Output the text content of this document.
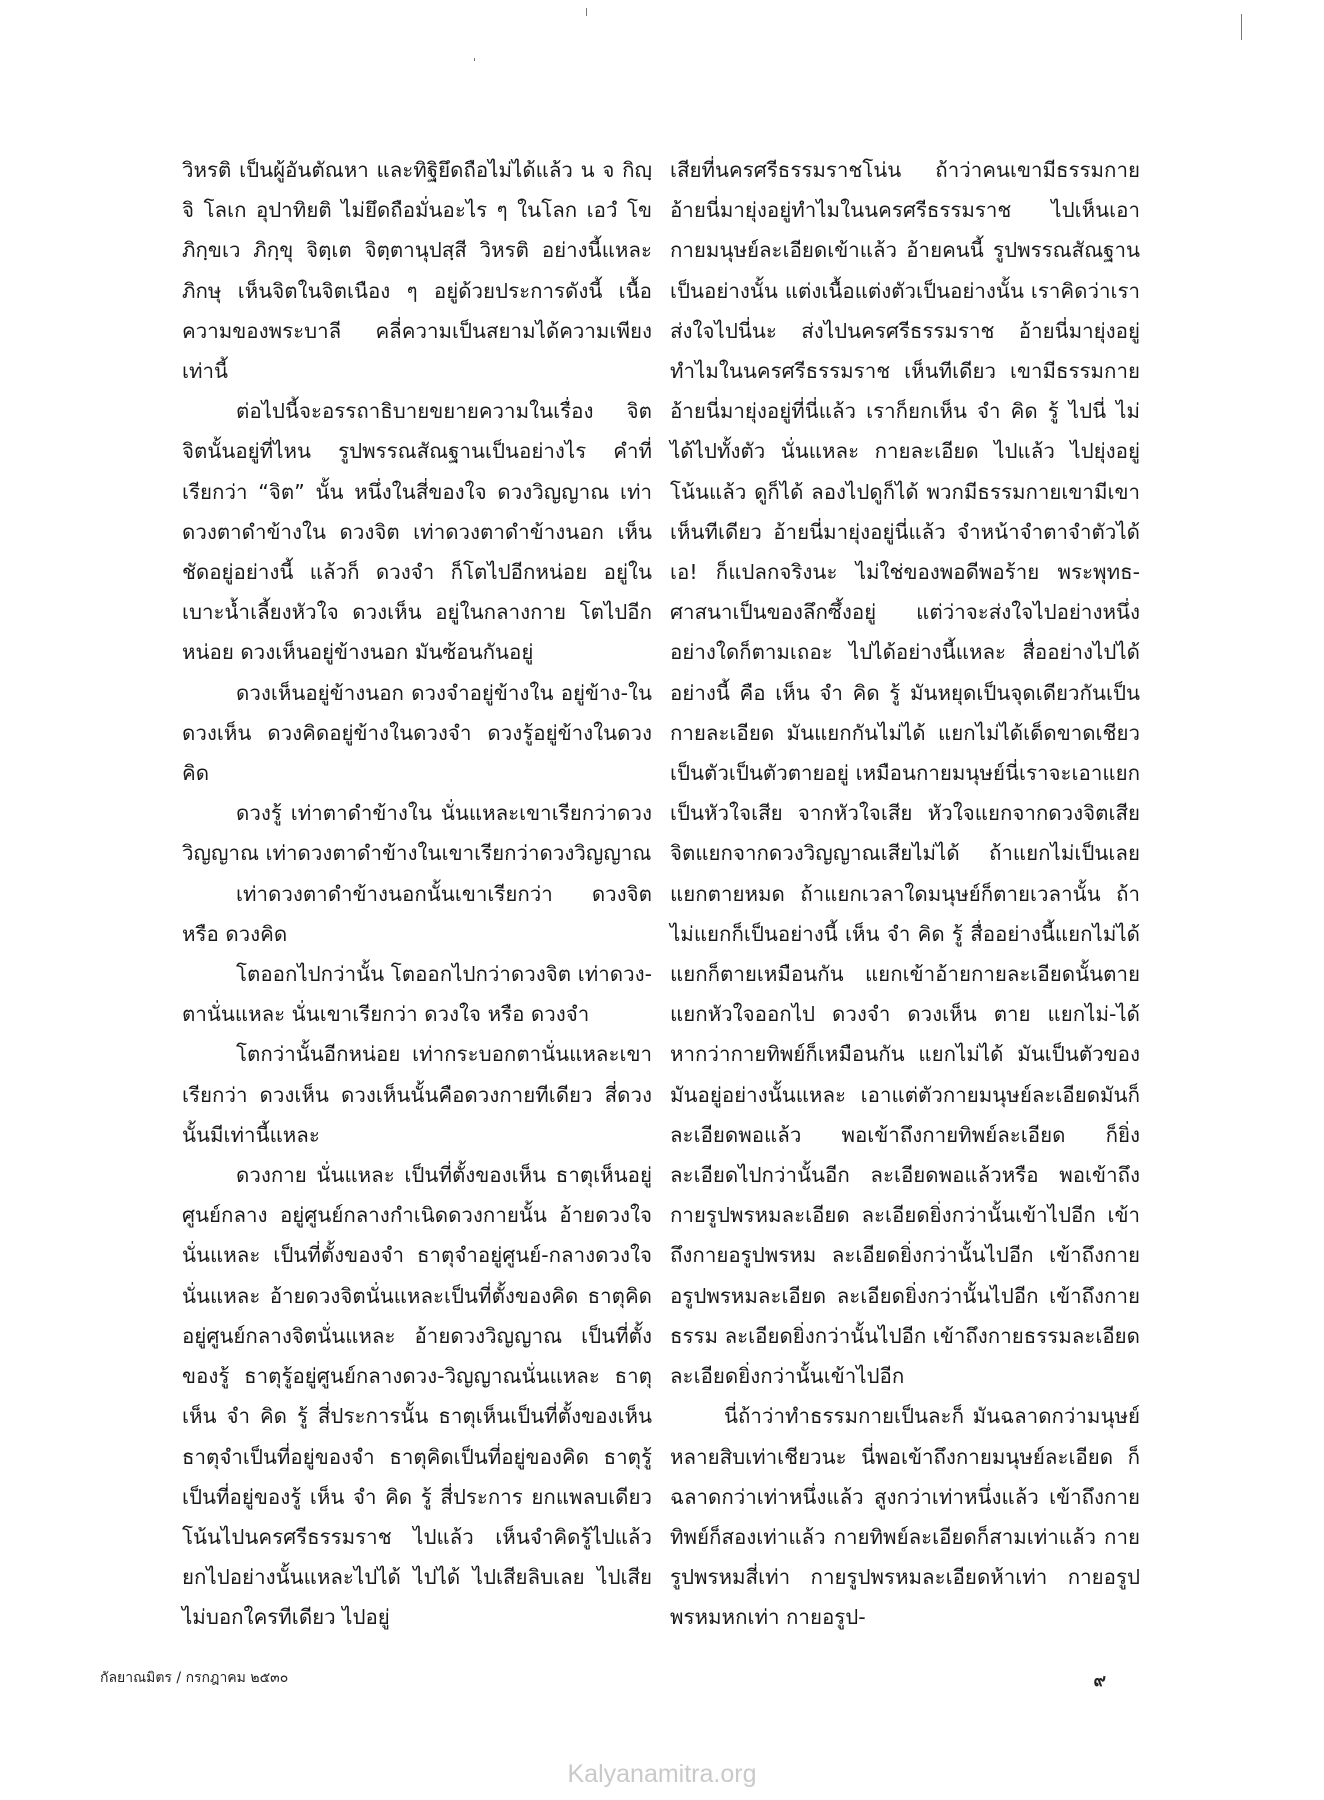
วิหรติ เป็นผู้อันตัณหา และทิฐิยึดถือไม่ได้แล้ว น จ กิญฺจิ โลเก อุปาทิยติ ไม่ยึดถือมั่นอะไร ๆ ในโลก เอวํ โข ภิกฺขเว ภิกฺขุ จิตฺเต จิตฺตานุปสฺสี วิหรติ อย่างนี้แหละภิกษุ เห็นจิตในจิตเนือง ๆ อยู่ด้วยประการดังนี้ เนื้อความของพระบาลี คลี่ความเป็นสยามได้ความเพียงเท่านี้

ต่อไปนี้จะอรรถาธิบายขยายความในเรื่อง จิต จิตนั้นอยู่ที่ไหน รูปพรรณสัณฐานเป็นอย่างไร คำที่เรียกว่า “จิต” นั้น หนึ่งในสี่ของใจ ดวงวิญญาณ เท่าดวงตาดำข้างใน ดวงจิต เท่าดวงตาดำข้างนอก เห็นชัดอยู่อย่างนี้ แล้วก็ ดวงจำ ก็โตไปอีกหน่อย อยู่ในเบาะน้ำเลี้ยงหัวใจ ดวงเห็น อยู่ในกลางกาย โตไปอีกหน่อย ดวงเห็นอยู่ข้างนอก มันซ้อนกันอยู่

ดวงเห็นอยู่ข้างนอก ดวงจำอยู่ข้างใน อยู่ข้าง-ในดวงเห็น ดวงคิดอยู่ข้างในดวงจำ ดวงรู้อยู่ข้างในดวงคิด

ดวงรู้ เท่าตาดำข้างใน นั่นแหละเขาเรียกว่าดวงวิญญาณ เท่าดวงตาดำข้างในเขาเรียกว่าดวงวิญญาณ

เท่าดวงตาดำข้างนอกนั้นเขาเรียกว่า ดวงจิต หรือ ดวงคิด

โตออกไปกว่านั้น โตออกไปกว่าดวงจิต เท่าดวง-ตานั่นแหละ นั่นเขาเรียกว่า ดวงใจ หรือ ดวงจำ

โตกว่านั้นอีกหน่อย เท่ากระบอกตานั่นแหละเขาเรียกว่า ดวงเห็น ดวงเห็นนั้นคือดวงกายทีเดียว สี่ดวงนั้นมีเท่านี้แหละ

ดวงกาย นั่นแหละ เป็นที่ตั้งของเห็น ธาตุเห็นอยู่ศูนย์กลาง อยู่ศูนย์กลางกำเนิดดวงกายนั้น อ้ายดวงใจนั่นแหละ เป็นที่ตั้งของจำ ธาตุจำอยู่ศูนย์-กลางดวงใจนั่นแหละ อ้ายดวงจิตนั่นแหละเป็นที่ตั้งของคิด ธาตุคิดอยู่ศูนย์กลางจิตนั่นแหละ อ้ายดวงวิญญาณ เป็นที่ตั้งของรู้ ธาตุรู้อยู่ศูนย์กลางดวง-วิญญาณนั่นแหละ ธาตุเห็น จำ คิด รู้ สี่ประการนั้น ธาตุเห็นเป็นที่ตั้งของเห็น ธาตุจำเป็นที่อยู่ของจำ ธาตุคิดเป็นที่อยู่ของคิด ธาตุรู้เป็นที่อยู่ของรู้ เห็น จำ คิด รู้ สี่ประการ ยกแพลบเดียวโน้นไปนครศรีธรรมราช ไปแล้ว เห็นจำคิดรู้ไปแล้ว ยกไปอย่างนั้นแหละไปได้ ไปได้ ไปเสียลิบเลย ไปเสียไม่บอกใครทีเดียว ไปอยู่

เสียที่นครศรีธรรมราชโน่น ถ้าว่าคนเขามีธรรมกาย อ้ายนี่มายุ่งอยู่ทำไมในนครศรีธรรมราช ไปเห็นเอากายมนุษย์ละเอียดเข้าแล้ว อ้ายคนนี้ รูปพรรณสัณฐานเป็นอย่างนั้น แต่งเนื้อแต่งตัวเป็นอย่างนั้น เราคิดว่าเราส่งใจไปนี่นะ ส่งไปนครศรีธรรมราช อ้ายนี่มายุ่งอยู่ทำไมในนครศรีธรรมราช เห็นทีเดียว เขามีธรรมกาย อ้ายนี่มายุ่งอยู่ที่นี่แล้ว เราก็ยกเห็น จำ คิด รู้ ไปนี่ ไม่ได้ไปทั้งตัว นั่นแหละ กายละเอียด ไปแล้ว ไปยุ่งอยู่โน้นแล้ว ดูก็ได้ ลองไปดูก็ได้ พวกมีธรรมกายเขามีเขาเห็นทีเดียว อ้ายนี่มายุ่งอยู่นี่แล้ว จำหน้าจำตาจำตัวได้ เอ! ก็แปลกจริงนะ ไม่ใช่ของพอดีพอร้าย พระพุทธ-ศาสนาเป็นของลึกซึ้งอยู่ แต่ว่าจะส่งใจไปอย่างหนึ่งอย่างใดก็ตามเถอะ ไปได้อย่างนี้แหละ สื่ออย่างไปได้อย่างนี้ คือ เห็น จำ คิด รู้ มันหยุดเป็นจุดเดียวกันเป็นกายละเอียด มันแยกกันไม่ได้ แยกไม่ได้เด็ดขาดเชียว เป็นตัวเป็นตัวตายอยู่ เหมือนกายมนุษย์นี่เราจะเอาแยกเป็นหัวใจเสีย จากหัวใจเสีย หัวใจแยกจากดวงจิตเสีย จิตแยกจากดวงวิญญาณเสียไม่ได้ ถ้าแยกไม่เป็นเลย แยกตายหมด ถ้าแยกเวลาใดมนุษย์ก็ตายเวลานั้น ถ้าไม่แยกก็เป็นอย่างนี้ เห็น จำ คิด รู้ สื่ออย่างนี้แยกไม่ได้ แยกก็ตายเหมือนกัน แยกเข้าอ้ายกายละเอียดนั้นตาย แยกหัวใจออกไป ดวงจำ ดวงเห็น ตาย แยกไม่-ได้ หากว่ากายทิพย์ก็เหมือนกัน แยกไม่ได้ มันเป็นตัวของมันอยู่อย่างนั้นแหละ เอาแต่ตัวกายมนุษย์ละเอียดมันก็ละเอียดพอแล้ว พอเข้าถึงกายทิพย์ละเอียด ก็ยิ่งละเอียดไปกว่านั้นอีก ละเอียดพอแล้วหรือ พอเข้าถึงกายรูปพรหมละเอียด ละเอียดยิ่งกว่านั้นเข้าไปอีก เข้าถึงกายอรูปพรหม ละเอียดยิ่งกว่านั้นไปอีก เข้าถึงกายอรูปพรหมละเอียด ละเอียดยิ่งกว่านั้นไปอีก เข้าถึงกายธรรม ละเอียดยิ่งกว่านั้นไปอีก เข้าถึงกายธรรมละเอียด ละเอียดยิ่งกว่านั้นเข้าไปอีก

นี่ถ้าว่าทำธรรมกายเป็นละก็ มันฉลาดกว่ามนุษย์หลายสิบเท่าเชียวนะ นี่พอเข้าถึงกายมนุษย์ละเอียด ก็ฉลาดกว่าเท่าหนึ่งแล้ว สูงกว่าเท่าหนึ่งแล้ว เข้าถึงกายทิพย์ก็สองเท่าแล้ว กายทิพย์ละเอียดก็สามเท่าแล้ว กายรูปพรหมสี่เท่า กายรูปพรหมละเอียดห้าเท่า กายอรูปพรหมหกเท่า กายอรูป-

กัลยาณมิตร / กรกฎาคม ๒๕๓๐	๙
Kalyanamitra.org
